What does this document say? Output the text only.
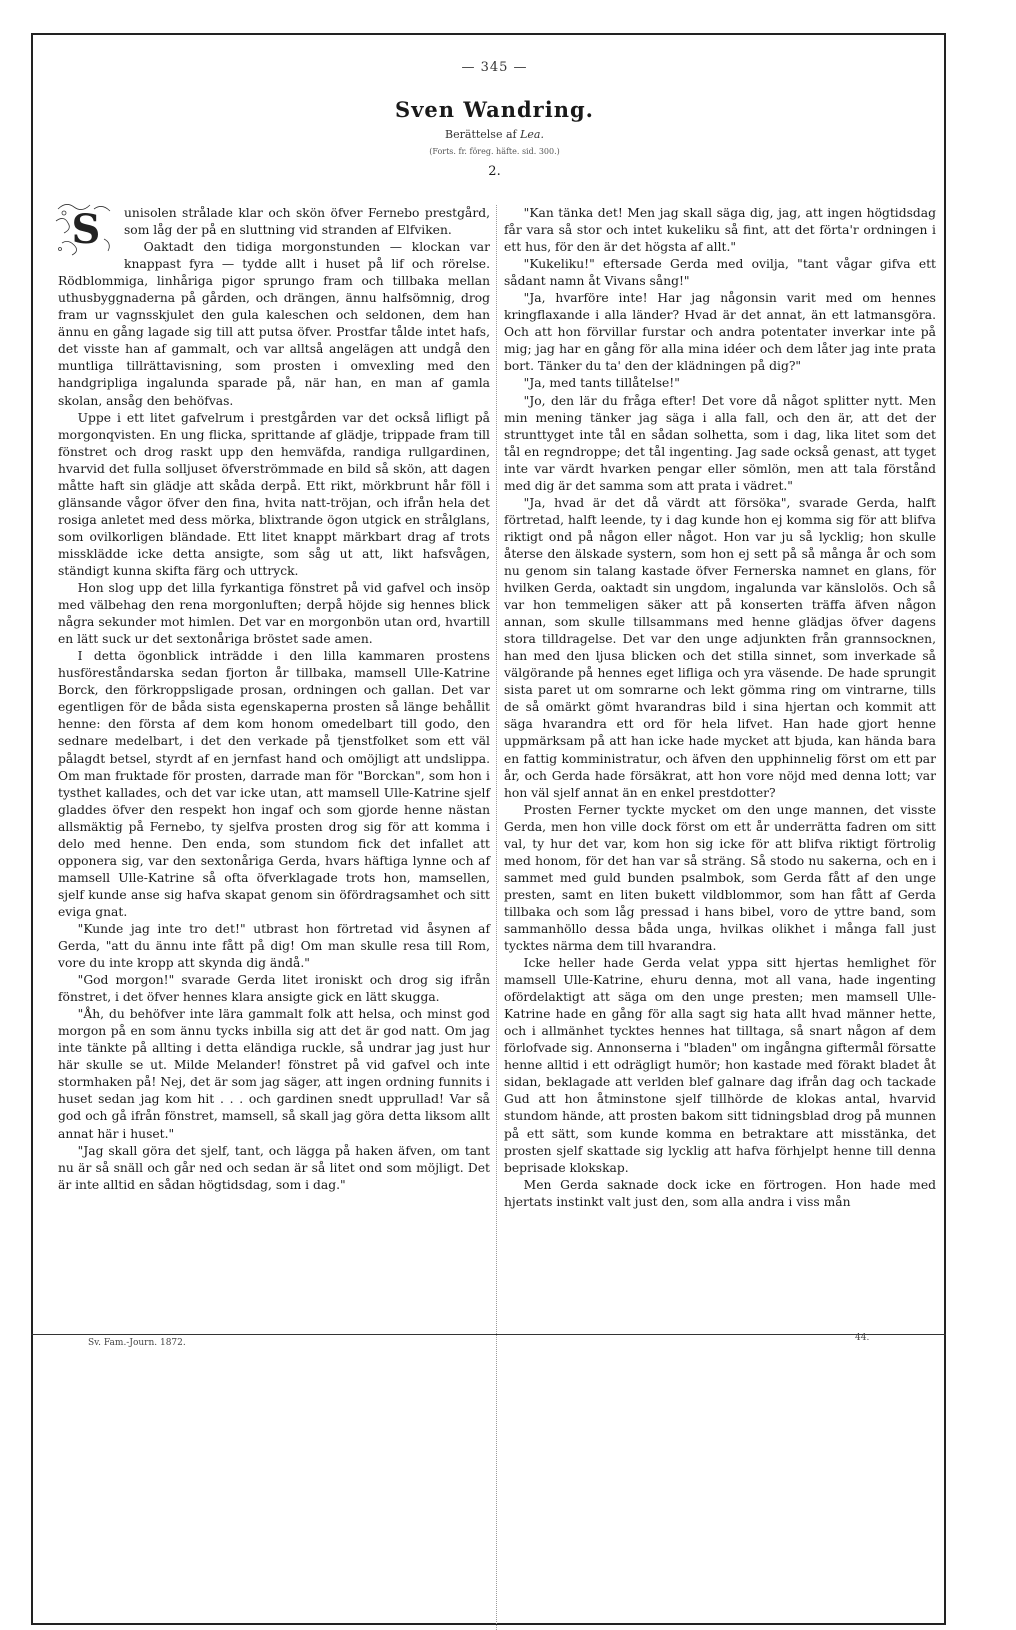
— 345 —
Sven Wandring.
Berättelse af Lea.
(Forts. fr. föreg. häfte. sid. 300.)
2.
S	unisolen strålade klar och skön öfver Fernebo prestgård, som låg der på en sluttning vid stranden af Elfviken.

Oaktadt den tidiga morgonstunden — klockan var knappast fyra — tydde allt i huset på lif och rörelse. Rödblommiga, linhåriga pigor sprungo fram och tillbaka mellan uthusbyggnaderna på gården, och drängen, ännu halfsömnig, drog fram ur vagnsskjulet den gula kaleschen och seldonen, dem han ännu en gång lagade sig till att putsa öfver. Prostfar tålde intet hafs, det visste han af gammalt, och var alltså angelägen att undgå den muntliga tillrättavisning, som prosten i omvexling med den handgripliga ingalunda sparade på, när han, en man af gamla skolan, ansåg den behöfvas.

Uppe i ett litet gafvelrum i prestgården var det också lifligt på morgonqvisten. En ung flicka, sprittande af glädje, trippade fram till fönstret och drog raskt upp den hemväfda, randiga rullgardinen, hvarvid det fulla solljuset öfverströmmade en bild så skön, att dagen måtte haft sin glädje att skåda derpå. Ett rikt, mörkbrunt hår föll i glänsande vågor öfver den fina, hvita natt-tröjan, och ifrån hela det rosiga anletet med dess mörka, blixtrande ögon utgick en strålglans, som ovilkorligen bländade. Ett litet knappt märkbart drag af trots missklädde icke detta ansigte, som såg ut att, likt hafsvågen, ständigt kunna skifta färg och uttryck.

Hon slog upp det lilla fyrkantiga fönstret på vid gafvel och insöp med välbehag den rena morgonluften; derpå höjde sig hennes blick några sekunder mot himlen. Det var en morgonbön utan ord, hvartill en lätt suck ur det sextonåriga bröstet sade amen.

I detta ögonblick inträdde i den lilla kammaren prostens husföreståndarska sedan fjorton år tillbaka, mamsell Ulle-Katrine Borck, den förkroppsligade prosan, ordningen och gallan. Det var egentligen för de båda sista egenskaperna prosten så länge behållit henne: den första af dem kom honom omedelbart till godo, den sednare medelbart, i det den verkade på tjenstfolket som ett väl pålagdt betsel, styrdt af en jernfast hand och omöjligt att undslippa. Om man fruktade för prosten, darrade man för "Borckan", som hon i tysthet kallades, och det var icke utan, att mamsell Ulle-Katrine sjelf gladdes öfver den respekt hon ingaf och som gjorde henne nästan allsmäktig på Fernebo, ty sjelfva prosten drog sig för att komma i delo med henne. Den enda, som stundom fick det infallet att opponera sig, var den sextonåriga Gerda, hvars häftiga lynne och af mamsell Ulle-Katrine så ofta öfverklagade trots hon, mamsellen, sjelf kunde anse sig hafva skapat genom sin öfördragsamhet och sitt eviga gnat.

"Kunde jag inte tro det!" utbrast hon förtretad vid åsynen af Gerda, "att du ännu inte fått på dig! Om man skulle resa till Rom, vore du inte kropp att skynda dig ändå."

"God morgon!" svarade Gerda litet ironiskt och drog sig ifrån fönstret, i det öfver hennes klara ansigte gick en lätt skugga.

"Åh, du behöfver inte lära gammalt folk att helsa, och minst god morgon på en som ännu tycks inbilla sig att det är god natt. Om jag inte tänkte på allting i detta eländiga ruckle, så undrar jag just hur här skulle se ut. Milde Melander! fönstret på vid gafvel och inte stormhaken på! Nej, det är som jag säger, att ingen ordning funnits i huset sedan jag kom hit . . . och gardinen snedt upprullad! Var så god och gå ifrån fönstret, mamsell, så skall jag göra detta liksom allt annat här i huset."

"Jag skall göra det sjelf, tant, och lägga på haken äfven, om tant nu är så snäll och går ned och sedan är så litet ond som möjligt. Det är inte alltid en sådan högtidsdag, som i dag."

"Kan tänka det! Men jag skall säga dig, jag, att ingen högtidsdag får vara så stor och intet kukeliku så fint, att det förta'r ordningen i ett hus, för den är det högsta af allt."

"Kukeliku!" eftersade Gerda med ovilja, "tant vågar gifva ett sådant namn åt Vivans sång!"

"Ja, hvarföre inte! Har jag någonsin varit med om hennes kringflaxande i alla länder? Hvad är det annat, än ett latmansgöra. Och att hon förvillar furstar och andra potentater inverkar inte på mig; jag har en gång för alla mina idéer och dem låter jag inte prata bort. Tänker du ta' den der klädningen på dig?"

"Ja, med tants tillåtelse!"

"Jo, den lär du fråga efter! Det vore då något splitter nytt. Men min mening tänker jag säga i alla fall, och den är, att det der strunttyget inte tål en sådan solhetta, som i dag, lika litet som det tål en regndroppe; det tål ingenting. Jag sade också genast, att tyget inte var värdt hvarken pengar eller sömlön, men att tala förstånd med dig är det samma som att prata i vädret."

"Ja, hvad är det då värdt att försöka", svarade Gerda, halft förtretad, halft leende, ty i dag kunde hon ej komma sig för att blifva riktigt ond på någon eller något. Hon var ju så lycklig; hon skulle återse den älskade systern, som hon ej sett på så många år och som nu genom sin talang kastade öfver Fernerska namnet en glans, för hvilken Gerda, oaktadt sin ungdom, ingalunda var känslolös. Och så var hon temmeligen säker att på konserten träffa äfven någon annan, som skulle tillsammans med henne glädjas öfver dagens stora tilldragelse. Det var den unge adjunkten från grannsocknen, han med den ljusa blicken och det stilla sinnet, som inverkade så välgörande på hennes eget lifliga och yra väsende. De hade sprungit sista paret ut om somrarne och lekt gömma ring om vintrarne, tills de så omärkt gömt hvarandras bild i sina hjertan och kommit att säga hvarandra ett ord för hela lifvet. Han hade gjort henne uppmärksam på att han icke hade mycket att bjuda, kan hända bara en fattig komministratur, och äfven den upphinnelig först om ett par år, och Gerda hade försäkrat, att hon vore nöjd med denna lott; var hon väl sjelf annat än en enkel prestdotter?

Prosten Ferner tyckte mycket om den unge mannen, det visste Gerda, men hon ville dock först om ett år underrätta fadren om sitt val, ty hur det var, kom hon sig icke för att blifva riktigt förtrolig med honom, för det han var så sträng. Så stodo nu sakerna, och en i sammet med guld bunden psalmbok, som Gerda fått af den unge presten, samt en liten bukett vildblommor, som han fått af Gerda tillbaka och som låg pressad i hans bibel, voro de yttre band, som sammanhöllo dessa båda unga, hvilkas olikhet i många fall just tycktes närma dem till hvarandra.

Icke heller hade Gerda velat yppa sitt hjertas hemlighet för mamsell Ulle-Katrine, ehuru denna, mot all vana, hade ingenting ofördelaktigt att säga om den unge presten; men mamsell Ulle-Katrine hade en gång för alla sagt sig hata allt hvad männer hette, och i allmänhet tycktes hennes hat tilltaga, så snart någon af dem förlofvade sig. Annonserna i "bladen" om ingångna giftermål försatte henne alltid i ett odrägligt humör; hon kastade med förakt bladet åt sidan, beklagade att verlden blef galnare dag ifrån dag och tackade Gud att hon åtminstone sjelf tillhörde de klokas antal, hvarvid stundom hände, att prosten bakom sitt tidningsblad drog på munnen på ett sätt, som kunde komma en betraktare att misstänka, det prosten sjelf skattade sig lycklig att hafva förhjelpt henne till denna beprisade klokskap.

Men Gerda saknade dock icke en förtrogen. Hon hade med hjertats instinkt valt just den, som alla andra i viss mån

Sv. Fam.-Journ. 1872.	44.
